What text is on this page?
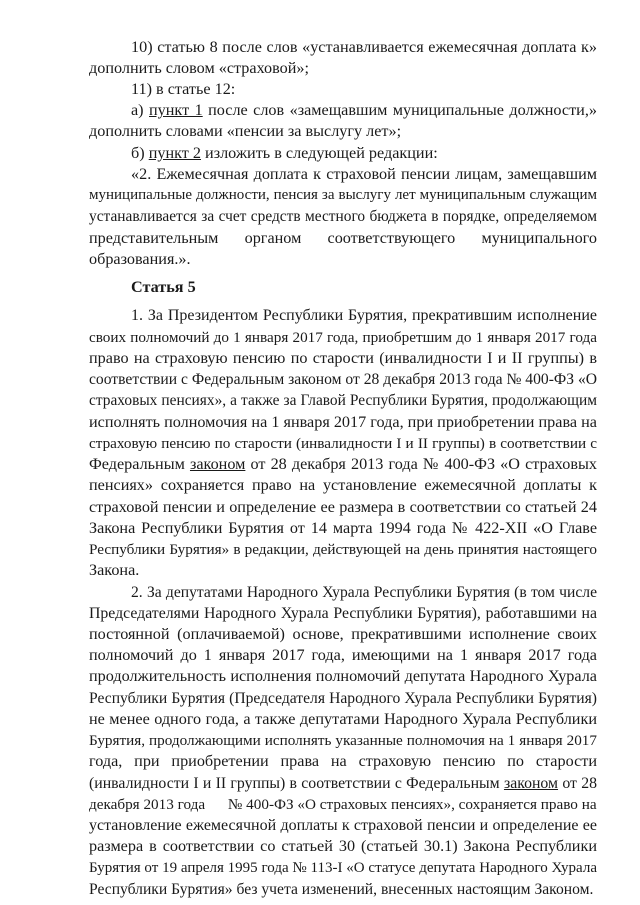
10) статью 8 после слов «устанавливается ежемесячная доплата к»
дополнить словом «страховой»;
11) в статье 12:
а) пункт 1 после слов «замещавшим муниципальные должности,»
дополнить словами «пенсии за выслугу лет»;
б) пункт 2 изложить в следующей редакции:
«2. Ежемесячная доплата к страховой пенсии лицам, замещавшим
муниципальные должности, пенсия за выслугу лет муниципальным служащим
устанавливается за счет средств местного бюджета в порядке, определяемом
представительным органом соответствующего муниципального
образования.».
Статья 5
1. За Президентом Республики Бурятия, прекратившим исполнение
своих полномочий до 1 января 2017 года, приобретшим до 1 января 2017 года
право на страховую пенсию по старости (инвалидности I и II группы) в
соответствии с Федеральным законом от 28 декабря 2013 года № 400-ФЗ «О
страховых пенсиях», а также за Главой Республики Бурятия, продолжающим
исполнять полномочия на 1 января 2017 года, при приобретении права на
страховую пенсию по старости (инвалидности I и II группы) в соответствии с
Федеральным законом от 28 декабря 2013 года № 400-ФЗ «О страховых
пенсиях» сохраняется право на установление ежемесячной доплаты к
страховой пенсии и определение ее размера в соответствии со статьей 24
Закона Республики Бурятия от 14 марта 1994 года № 422-XII «О Главе
Республики Бурятия» в редакции, действующей на день принятия настоящего
Закона.
2. За депутатами Народного Хурала Республики Бурятия (в том числе
Председателями Народного Хурала Республики Бурятия), работавшими на
постоянной (оплачиваемой) основе, прекратившими исполнение своих
полномочий до 1 января 2017 года, имеющими на 1 января 2017 года
продолжительность исполнения полномочий депутата Народного Хурала
Республики Бурятия (Председателя Народного Хурала Республики Бурятия)
не менее одного года, а также депутатами Народного Хурала Республики
Бурятия, продолжающими исполнять указанные полномочия на 1 января 2017
года, при приобретении права на страховую пенсию по старости
(инвалидности I и II группы) в соответствии с Федеральным законом от 28
декабря 2013 года      № 400-ФЗ «О страховых пенсиях», сохраняется право на
установление ежемесячной доплаты к страховой пенсии и определение ее
размера в соответствии со статьей 30 (статьей 30.1) Закона Республики
Бурятия от 19 апреля 1995 года № 113-I «О статусе депутата Народного Хурала
Республики Бурятия» без учета изменений, внесенных настоящим Законом.
